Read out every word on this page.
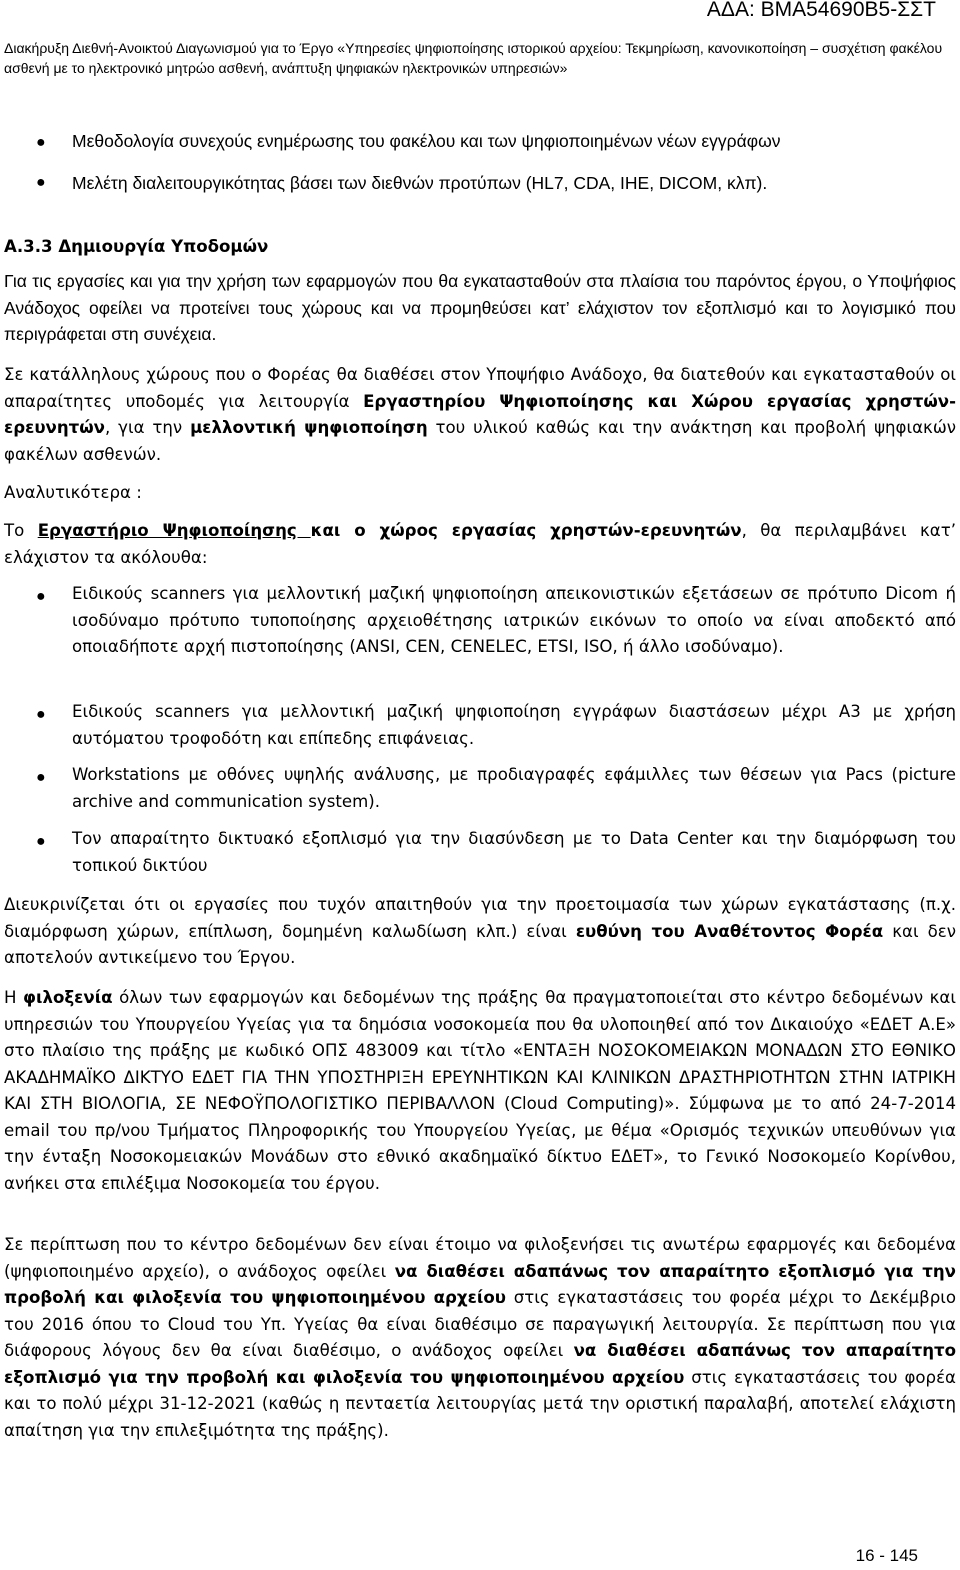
ΑΔΑ: ΒΜΑ54690Β5-ΣΣΤ
Διακήρυξη Διεθνή-Ανοικτού Διαγωνισμού για το Έργο «Υπηρεσίες ψηφιοποίησης ιστορικού αρχείου: Τεκμηρίωση, κανονικοποίηση – συσχέτιση φακέλου ασθενή με το ηλεκτρονικό μητρώο ασθενή, ανάπτυξη ψηφιακών ηλεκτρονικών υπηρεσιών»
● Μεθοδολογία συνεχούς ενημέρωσης του φακέλου και των ψηφιοποιημένων νέων εγγράφων

● Μελέτη διαλειτουργικότητας βάσει των διεθνών προτύπων (HL7, CDA, IHE, DICOM, κλπ).

Α.3.3 Δημιουργία Υποδομών

Για τις εργασίες και για την χρήση των εφαρμογών που θα εγκατασταθούν στα πλαίσια του παρόντος έργου, ο Υποψήφιος Ανάδοχος οφείλει να προτείνει τους χώρους και να προμηθεύσει κατ’ ελάχιστον τον εξοπλισμό και το λογισμικό που περιγράφεται στη συνέχεια.

Σε κατάλληλους χώρους που ο Φορέας θα διαθέσει στον Υποψήφιο Ανάδοχο, θα διατεθούν και εγκατασταθούν οι απαραίτητες υποδομές για λειτουργία Εργαστηρίου Ψηφιοποίησης και Χώρου εργασίας χρηστών-ερευνητών, για την μελλοντική ψηφιοποίηση του υλικού καθώς και την ανάκτηση και προβολή ψηφιακών φακέλων ασθενών.

Αναλυτικότερα :

Το Εργαστήριο Ψηφιοποίησης και ο χώρος εργασίας χρηστών-ερευνητών, θα περιλαμβάνει κατ’ ελάχιστον τα ακόλουθα:

● Ειδικούς scanners για μελλοντική μαζική ψηφιοποίηση απεικονιστικών εξετάσεων σε πρότυπο Dicom ή ισοδύναμο πρότυπο τυποποίησης αρχειοθέτησης ιατρικών εικόνων το οποίο να είναι αποδεκτό από οποιαδήποτε αρχή πιστοποίησης (ANSI, CEN, CENELEC, ETSI, ISO, ή άλλο ισοδύναμο).

● Ειδικούς scanners για μελλοντική μαζική ψηφιοποίηση εγγράφων διαστάσεων μέχρι Α3 με χρήση αυτόματου τροφοδότη και επίπεδης επιφάνειας.

● Workstations με οθόνες υψηλής ανάλυσης, με προδιαγραφές εφάμιλλες των θέσεων για Pacs (picture archive and communication system).

● Τον απαραίτητο δικτυακό εξοπλισμό για την διασύνδεση με το Data Center και την διαμόρφωση του τοπικού δικτύου

Διευκρινίζεται ότι οι εργασίες που τυχόν απαιτηθούν για την προετοιμασία των χώρων εγκατάστασης (π.χ. διαμόρφωση χώρων, επίπλωση, δομημένη καλωδίωση κλπ.) είναι ευθύνη του Αναθέτοντος Φορέα και δεν αποτελούν αντικείμενο του Έργου.

Η φιλοξενία όλων των εφαρμογών και δεδομένων της πράξης θα πραγματοποιείται στο κέντρο δεδομένων και υπηρεσιών του Υπουργείου Υγείας για τα δημόσια νοσοκομεία που θα υλοποιηθεί από τον Δικαιούχο «ΕΔΕΤ Α.Ε» στο πλαίσιο της πράξης με κωδικό ΟΠΣ 483009 και τίτλο «ΕΝΤΑΞΗ ΝΟΣΟΚΟΜΕΙΑΚΩΝ ΜΟΝΑΔΩΝ ΣΤΟ ΕΘΝΙΚΟ ΑΚΑΔΗΜΑΪΚΟ ΔΙΚΤΥΟ ΕΔΕΤ ΓΙΑ ΤΗΝ ΥΠΟΣΤΗΡΙΞΗ ΕΡΕΥΝΗΤΙΚΩΝ ΚΑΙ ΚΛΙΝΙΚΩΝ ΔΡΑΣΤΗΡΙΟΤΗΤΩΝ ΣΤΗΝ ΙΑΤΡΙΚΗ ΚΑΙ ΣΤΗ ΒΙΟΛΟΓΙΑ, ΣΕ ΝΕΦΟΫΠΟΛΟΓΙΣΤΙΚΟ ΠΕΡΙΒΑΛΛΟΝ (Cloud Computing)». Σύμφωνα με το από 24-7-2014 email του πρ/νου Τμήματος Πληροφορικής του Υπουργείου Υγείας, με θέμα «Ορισμός τεχνικών υπευθύνων για την ένταξη Νοσοκομειακών Μονάδων στο εθνικό ακαδημαϊκό δίκτυο ΕΔΕΤ», το Γενικό Νοσοκομείο Κορίνθου, ανήκει στα επιλέξιμα Νοσοκομεία του έργου.

Σε περίπτωση που το κέντρο δεδομένων δεν είναι έτοιμο να φιλοξενήσει τις ανωτέρω εφαρμογές και δεδομένα (ψηφιοποιημένο αρχείο), ο ανάδοχος οφείλει να διαθέσει αδαπάνως τον απαραίτητο εξοπλισμό για την προβολή και φιλοξενία του ψηφιοποιημένου αρχείου στις εγκαταστάσεις του φορέα μέχρι το Δεκέμβριο του 2016 όπου το Cloud του Υπ. Υγείας θα είναι διαθέσιμο σε παραγωγική λειτουργία. Σε περίπτωση που για διάφορους λόγους δεν θα είναι διαθέσιμο, ο ανάδοχος οφείλει να διαθέσει αδαπάνως τον απαραίτητο εξοπλισμό για την προβολή και φιλοξενία του ψηφιοποιημένου αρχείου στις εγκαταστάσεις του φορέα και το πολύ μέχρι 31-12-2021 (καθώς η πενταετία λειτουργίας μετά την οριστική παραλαβή, αποτελεί ελάχιστη απαίτηση για την επιλεξιμότητα της πράξης).

16 - 145
